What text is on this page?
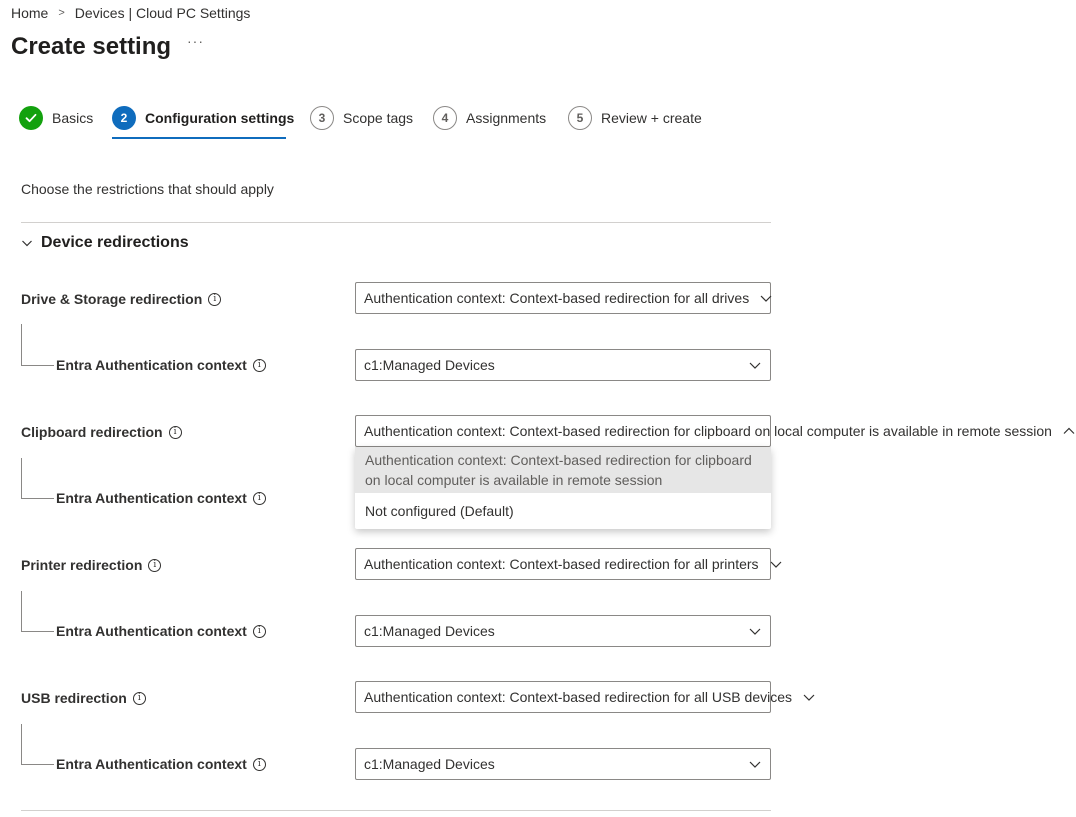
Home > Devices | Cloud PC Settings
Create setting ···
Basics	2	Configuration settings	3	Scope tags	4	Assignments	5	Review + create

Choose the restrictions that should apply

Device redirections
Drive & Storage redirection	i	Authentication context: Context-based redirection for all drives
Entra Authentication context	i	c1:Managed Devices
Clipboard redirection	i	Authentication context: Context-based redirection for clipboard on local computer is available in remote session
Entra Authentication context	i
Authentication context: Context-based redirection for clipboard on local computer is available in remote session
Not configured (Default)
Printer redirection	i	Authentication context: Context-based redirection for all printers
Entra Authentication context	i	c1:Managed Devices
USB redirection	i	Authentication context: Context-based redirection for all USB devices
Entra Authentication context	i	c1:Managed Devices
